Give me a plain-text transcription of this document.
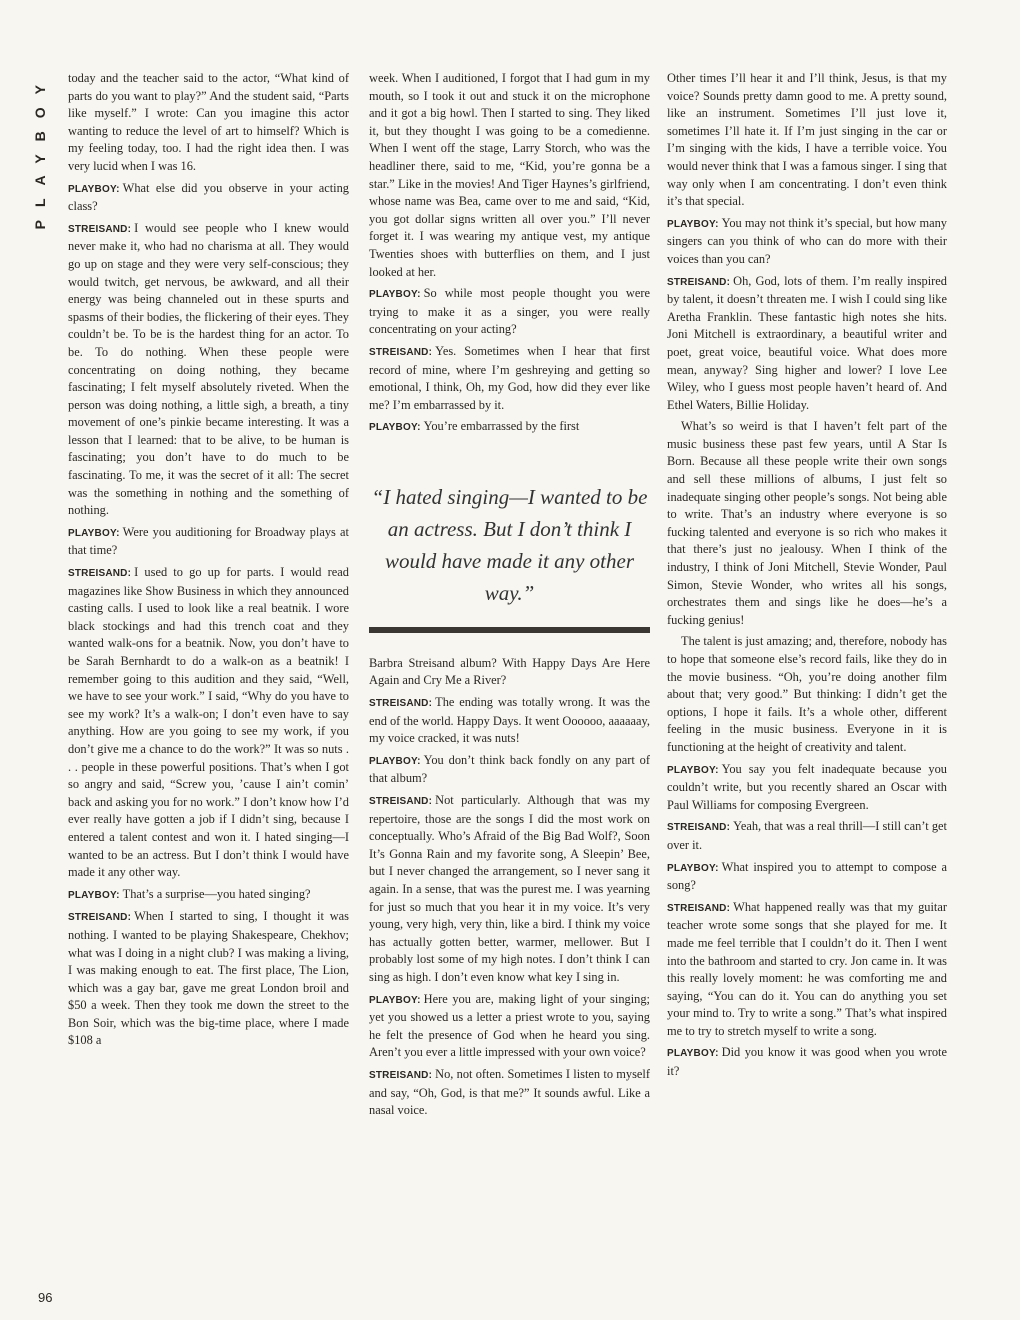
PLAYBOY today and the teacher said to the actor, “What kind of parts do you want to play?” And the student said, “Parts like myself.” I wrote: Can you imagine this actor wanting to reduce the level of art to himself? Which is my feeling today, too. I had the right idea then. I was very lucid when I was 16.

PLAYBOY: What else did you observe in your acting class?

STREISAND: I would see people who I knew would never make it, who had no charisma at all. They would go up on stage and they were very self-conscious; they would twitch, get nervous, be awkward, and all their energy was being channeled out in these spurts and spasms of their bodies, the flickering of their eyes. They couldn’t be. To be is the hardest thing for an actor. To be. To do nothing. When these people were concentrating on doing nothing, they became fascinating; I felt myself absolutely riveted. When the person was doing nothing, a little sigh, a breath, a tiny movement of one’s pinkie became interesting. It was a lesson that I learned: that to be alive, to be human is fascinating; you don’t have to do much to be fascinating. To me, it was the secret of it all: The secret was the something in nothing and the something of nothing.

PLAYBOY: Were you auditioning for Broadway plays at that time?

STREISAND: I used to go up for parts. I would read magazines like Show Business in which they announced casting calls. I used to look like a real beatnik. I wore black stockings and had this trench coat and they wanted walk-ons for a beatnik. Now, you don’t have to be Sarah Bernhardt to do a walk-on as a beatnik! I remember going to this audition and they said, “Well, we have to see your work.” I said, “Why do you have to see my work? It’s a walk-on; I don’t even have to say anything. How are you going to see my work, if you don’t give me a chance to do the work?” It was so nuts . . . people in these powerful positions. That’s when I got so angry and said, “Screw you, ’cause I ain’t comin’ back and asking you for no work.” I don’t know how I’d ever really have gotten a job if I didn’t sing, because I entered a talent contest and won it. I hated singing—I wanted to be an actress. But I don’t think I would have made it any other way.

PLAYBOY: That’s a surprise—you hated singing?

STREISAND: When I started to sing, I thought it was nothing. I wanted to be playing Shakespeare, Chekhov; what was I doing in a night club? I was making a living, I was making enough to eat. The first place, The Lion, which was a gay bar, gave me great London broil and $50 a week. Then they took me down the street to the Bon Soir, which was the big-time place, where I made $108 a

week. When I auditioned, I forgot that I had gum in my mouth, so I took it out and stuck it on the microphone and it got a big howl. Then I started to sing. They liked it, but they thought I was going to be a comedienne. When I went off the stage, Larry Storch, who was the headliner there, said to me, “Kid, you’re gonna be a star.” Like in the movies! And Tiger Haynes’s girlfriend, whose name was Bea, came over to me and said, “Kid, you got dollar signs written all over you.” I’ll never forget it. I was wearing my antique vest, my antique Twenties shoes with butterflies on them, and I just looked at her.

PLAYBOY: So while most people thought you were trying to make it as a singer, you were really concentrating on your acting?

STREISAND: Yes. Sometimes when I hear that first record of mine, where I’m geshreying and getting so emotional, I think, Oh, my God, how did they ever like me? I’m embarrassed by it.

PLAYBOY: You’re embarrassed by the first

“I hated singing—I wanted to be an actress. But I don’t think I would have made it any other way.”

Barbra Streisand album? With Happy Days Are Here Again and Cry Me a River?

STREISAND: The ending was totally wrong. It was the end of the world. Happy Days. It went Oooooo, aaaaaay, my voice cracked, it was nuts!

PLAYBOY: You don’t think back fondly on any part of that album?

STREISAND: Not particularly. Although that was my repertoire, those are the songs I did the most work on conceptually. Who’s Afraid of the Big Bad Wolf?, Soon It’s Gonna Rain and my favorite song, A Sleepin’ Bee, but I never changed the arrangement, so I never sang it again. In a sense, that was the purest me. I was yearning for just so much that you hear it in my voice. It’s very young, very high, very thin, like a bird. I think my voice has actually gotten better, warmer, mellower. But I probably lost some of my high notes. I don’t think I can sing as high. I don’t even know what key I sing in.

PLAYBOY: Here you are, making light of your singing; yet you showed us a letter a priest wrote to you, saying he felt the presence of God when he heard you sing. Aren’t you ever a little impressed with your own voice?

STREISAND: No, not often. Sometimes I listen to myself and say, “Oh, God, is that me?” It sounds awful. Like a nasal voice.

Other times I’ll hear it and I’ll think, Jesus, is that my voice? Sounds pretty damn good to me. A pretty sound, like an instrument. Sometimes I’ll just love it, sometimes I’ll hate it. If I’m just singing in the car or I’m singing with the kids, I have a terrible voice. You would never think that I was a famous singer. I sing that way only when I am concentrating. I don’t even think it’s that special.

PLAYBOY: You may not think it’s special, but how many singers can you think of who can do more with their voices than you can?

STREISAND: Oh, God, lots of them. I’m really inspired by talent, it doesn’t threaten me. I wish I could sing like Aretha Franklin. These fantastic high notes she hits. Joni Mitchell is extraordinary, a beautiful writer and poet, great voice, beautiful voice. What does more mean, anyway? Sing higher and lower? I love Lee Wiley, who I guess most people haven’t heard of. And Ethel Waters, Billie Holiday.

What’s so weird is that I haven’t felt part of the music business these past few years, until A Star Is Born. Because all these people write their own songs and sell these millions of albums, I just felt so inadequate singing other people’s songs. Not being able to write. That’s an industry where everyone is so fucking talented and everyone is so rich who makes it that there’s just no jealousy. When I think of the industry, I think of Joni Mitchell, Stevie Wonder, Paul Simon, Stevie Wonder, who writes all his songs, orchestrates them and sings like he does—he’s a fucking genius!

The talent is just amazing; and, therefore, nobody has to hope that someone else’s record fails, like they do in the movie business. “Oh, you’re doing another film about that; very good.” But thinking: I didn’t get the options, I hope it fails. It’s a whole other, different feeling in the music business. Everyone in it is functioning at the height of creativity and talent.

PLAYBOY: You say you felt inadequate because you couldn’t write, but you recently shared an Oscar with Paul Williams for composing Evergreen.

STREISAND: Yeah, that was a real thrill—I still can’t get over it.

PLAYBOY: What inspired you to attempt to compose a song?

STREISAND: What happened really was that my guitar teacher wrote some songs that she played for me. It made me feel terrible that I couldn’t do it. Then I went into the bathroom and started to cry. Jon came in. It was this really lovely moment: he was comforting me and saying, “You can do it. You can do anything you set your mind to. Try to write a song.” That’s what inspired me to try to stretch myself to write a song.

PLAYBOY: Did you know it was good when you wrote it?

96
